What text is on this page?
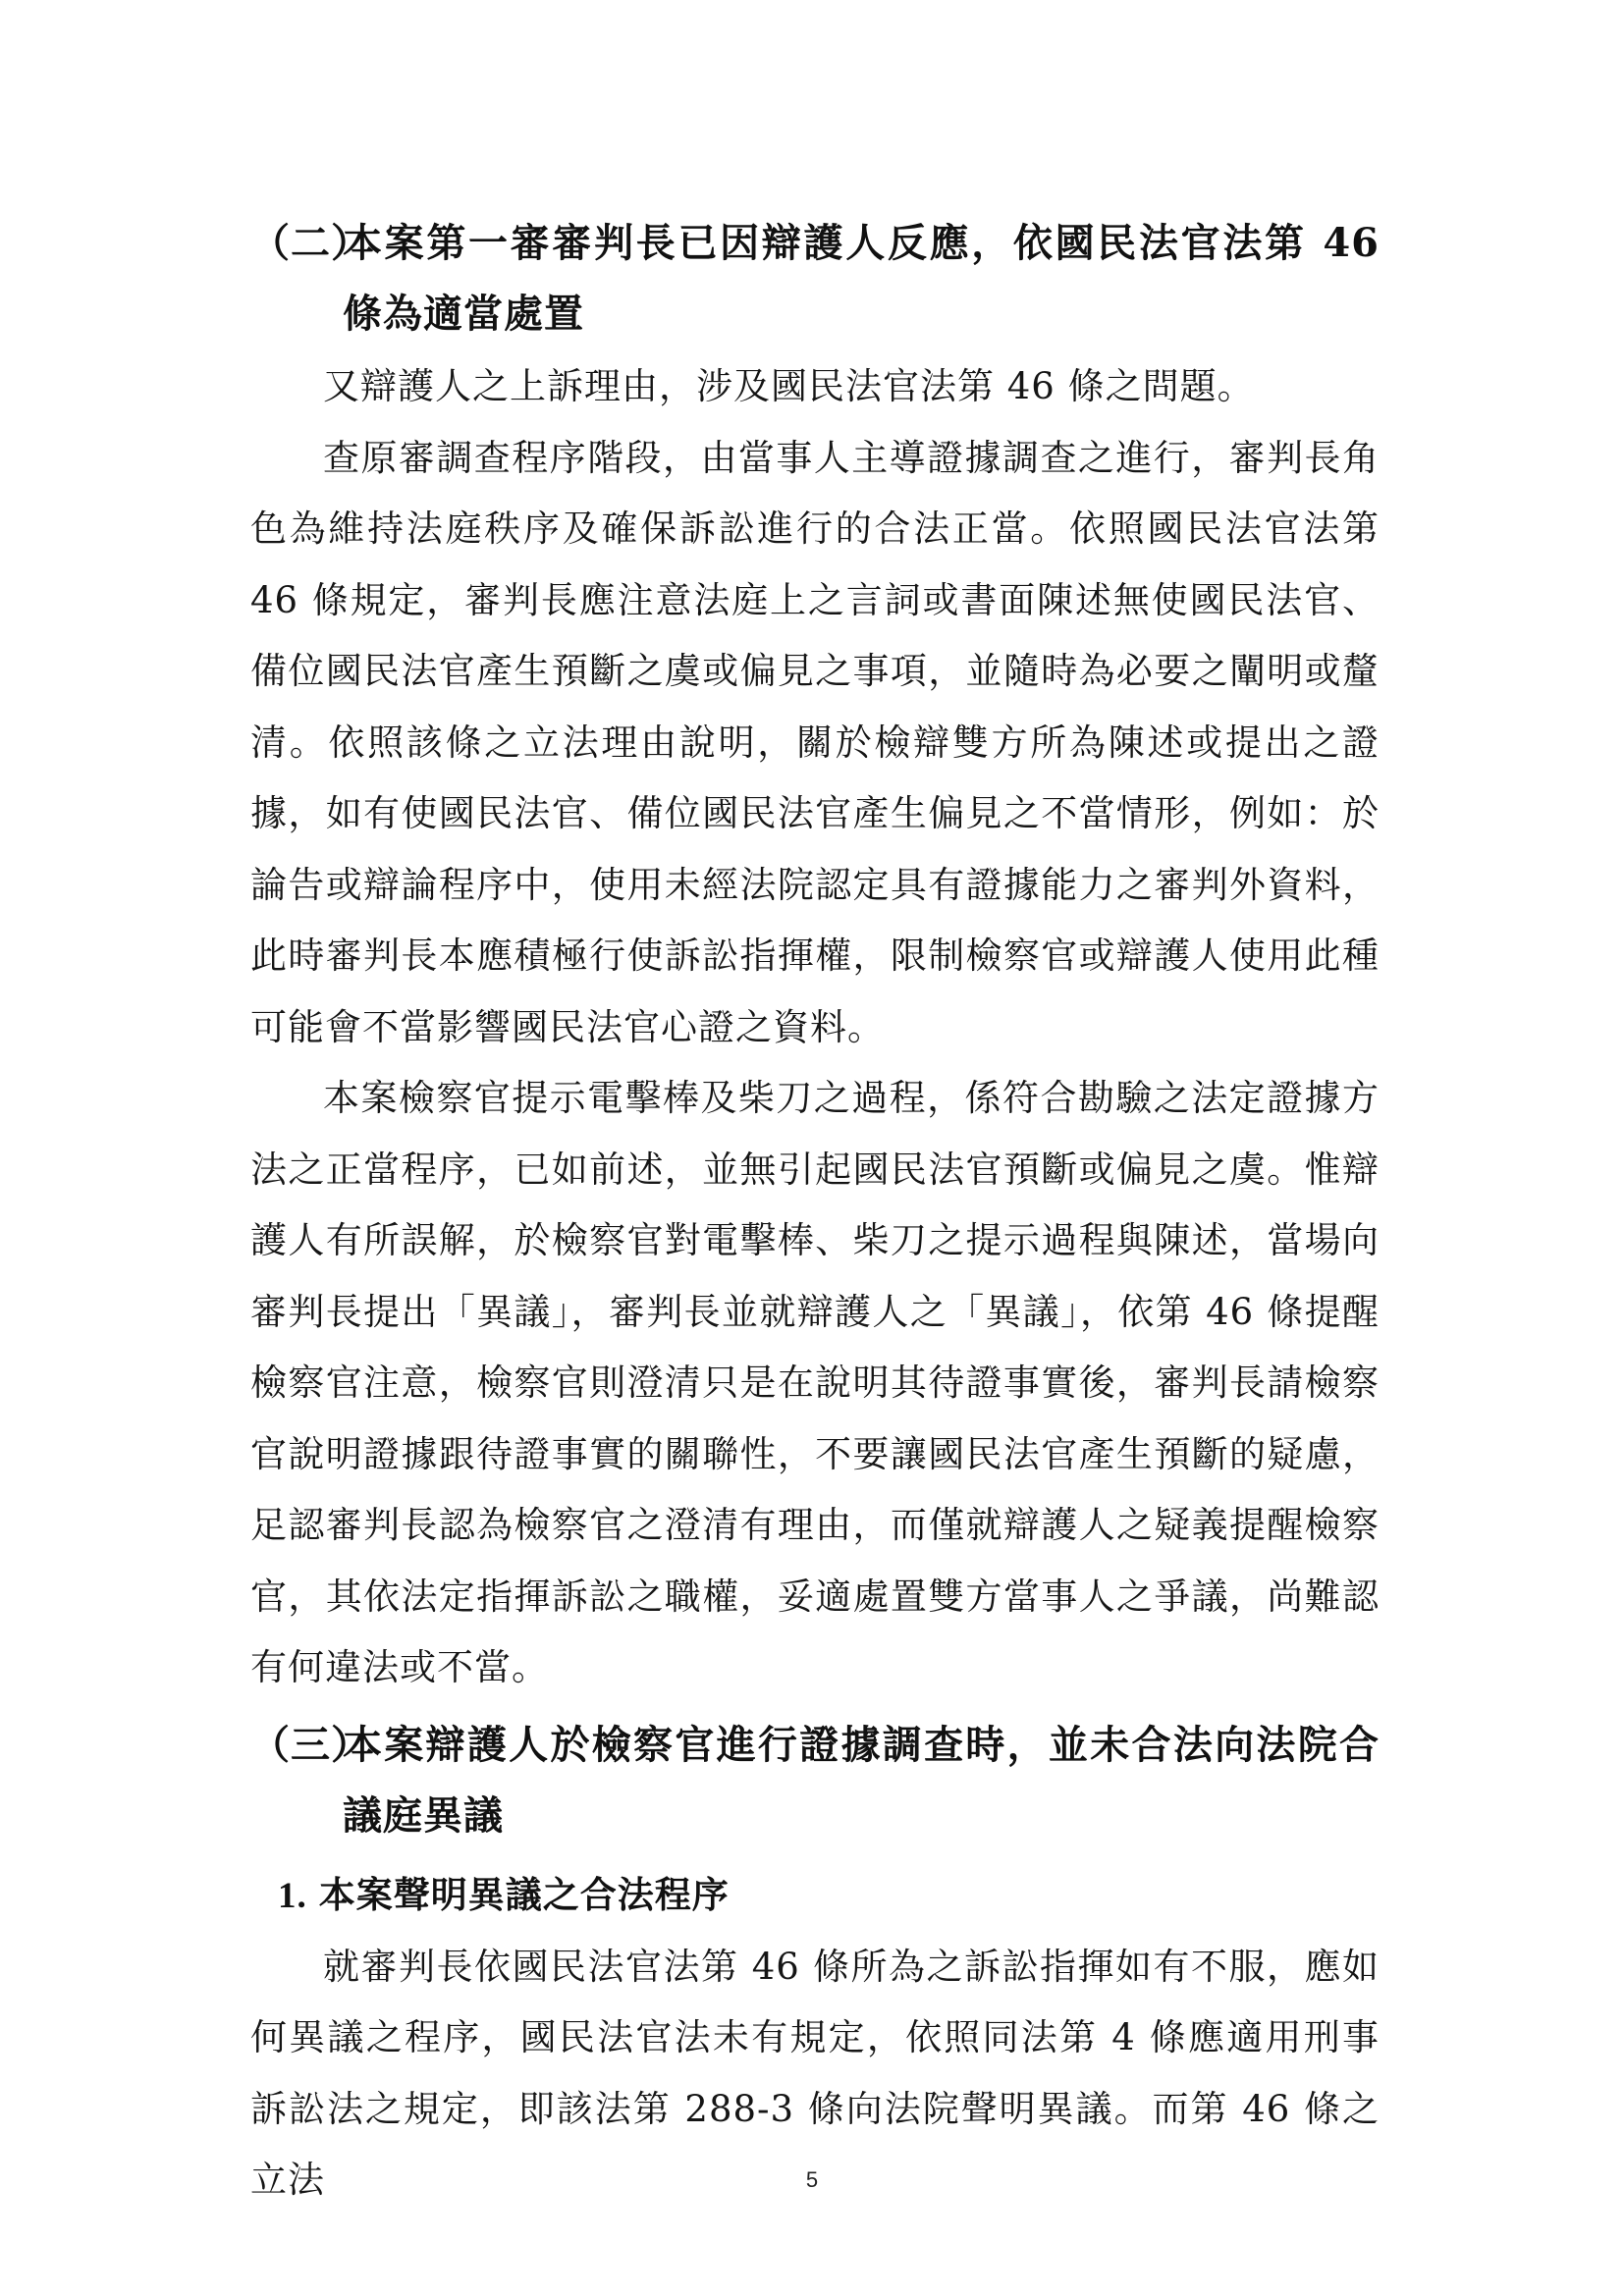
（二）
本案第一審審判長已因辯護人反應，依國民法官法第 46 條為適當處置

又辯護人之上訴理由，涉及國民法官法第 46 條之問題。

查原審調查程序階段，由當事人主導證據調查之進行，審判長角色為維持法庭秩序及確保訴訟進行的合法正當。依照國民法官法第 46 條規定，審判長應注意法庭上之言詞或書面陳述無使國民法官、備位國民法官產生預斷之虞或偏見之事項，並隨時為必要之闡明或釐清。依照該條之立法理由說明，關於檢辯雙方所為陳述或提出之證據，如有使國民法官、備位國民法官產生偏見之不當情形，例如：於論告或辯論程序中，使用未經法院認定具有證據能力之審判外資料，此時審判長本應積極行使訴訟指揮權，限制檢察官或辯護人使用此種可能會不當影響國民法官心證之資料。

本案檢察官提示電擊棒及柴刀之過程，係符合勘驗之法定證據方法之正當程序，已如前述，並無引起國民法官預斷或偏見之虞。惟辯護人有所誤解，於檢察官對電擊棒、柴刀之提示過程與陳述，當場向審判長提出「異議」，審判長並就辯護人之「異議」，依第 46 條提醒檢察官注意，檢察官則澄清只是在說明其待證事實後，審判長請檢察官說明證據跟待證事實的關聯性，不要讓國民法官產生預斷的疑慮，足認審判長認為檢察官之澄清有理由，而僅就辯護人之疑義提醒檢察官，其依法定指揮訴訟之職權，妥適處置雙方當事人之爭議，尚難認有何違法或不當。

（三）
本案辯護人於檢察官進行證據調查時，並未合法向法院合議庭異議
1. 本案聲明異議之合法程序

就審判長依國民法官法第 46 條所為之訴訟指揮如有不服，應如何異議之程序，國民法官法未有規定，依照同法第 4 條應適用刑事訴訟法之規定，即該法第 288-3 條向法院聲明異議。而第 46 條之立法	5
